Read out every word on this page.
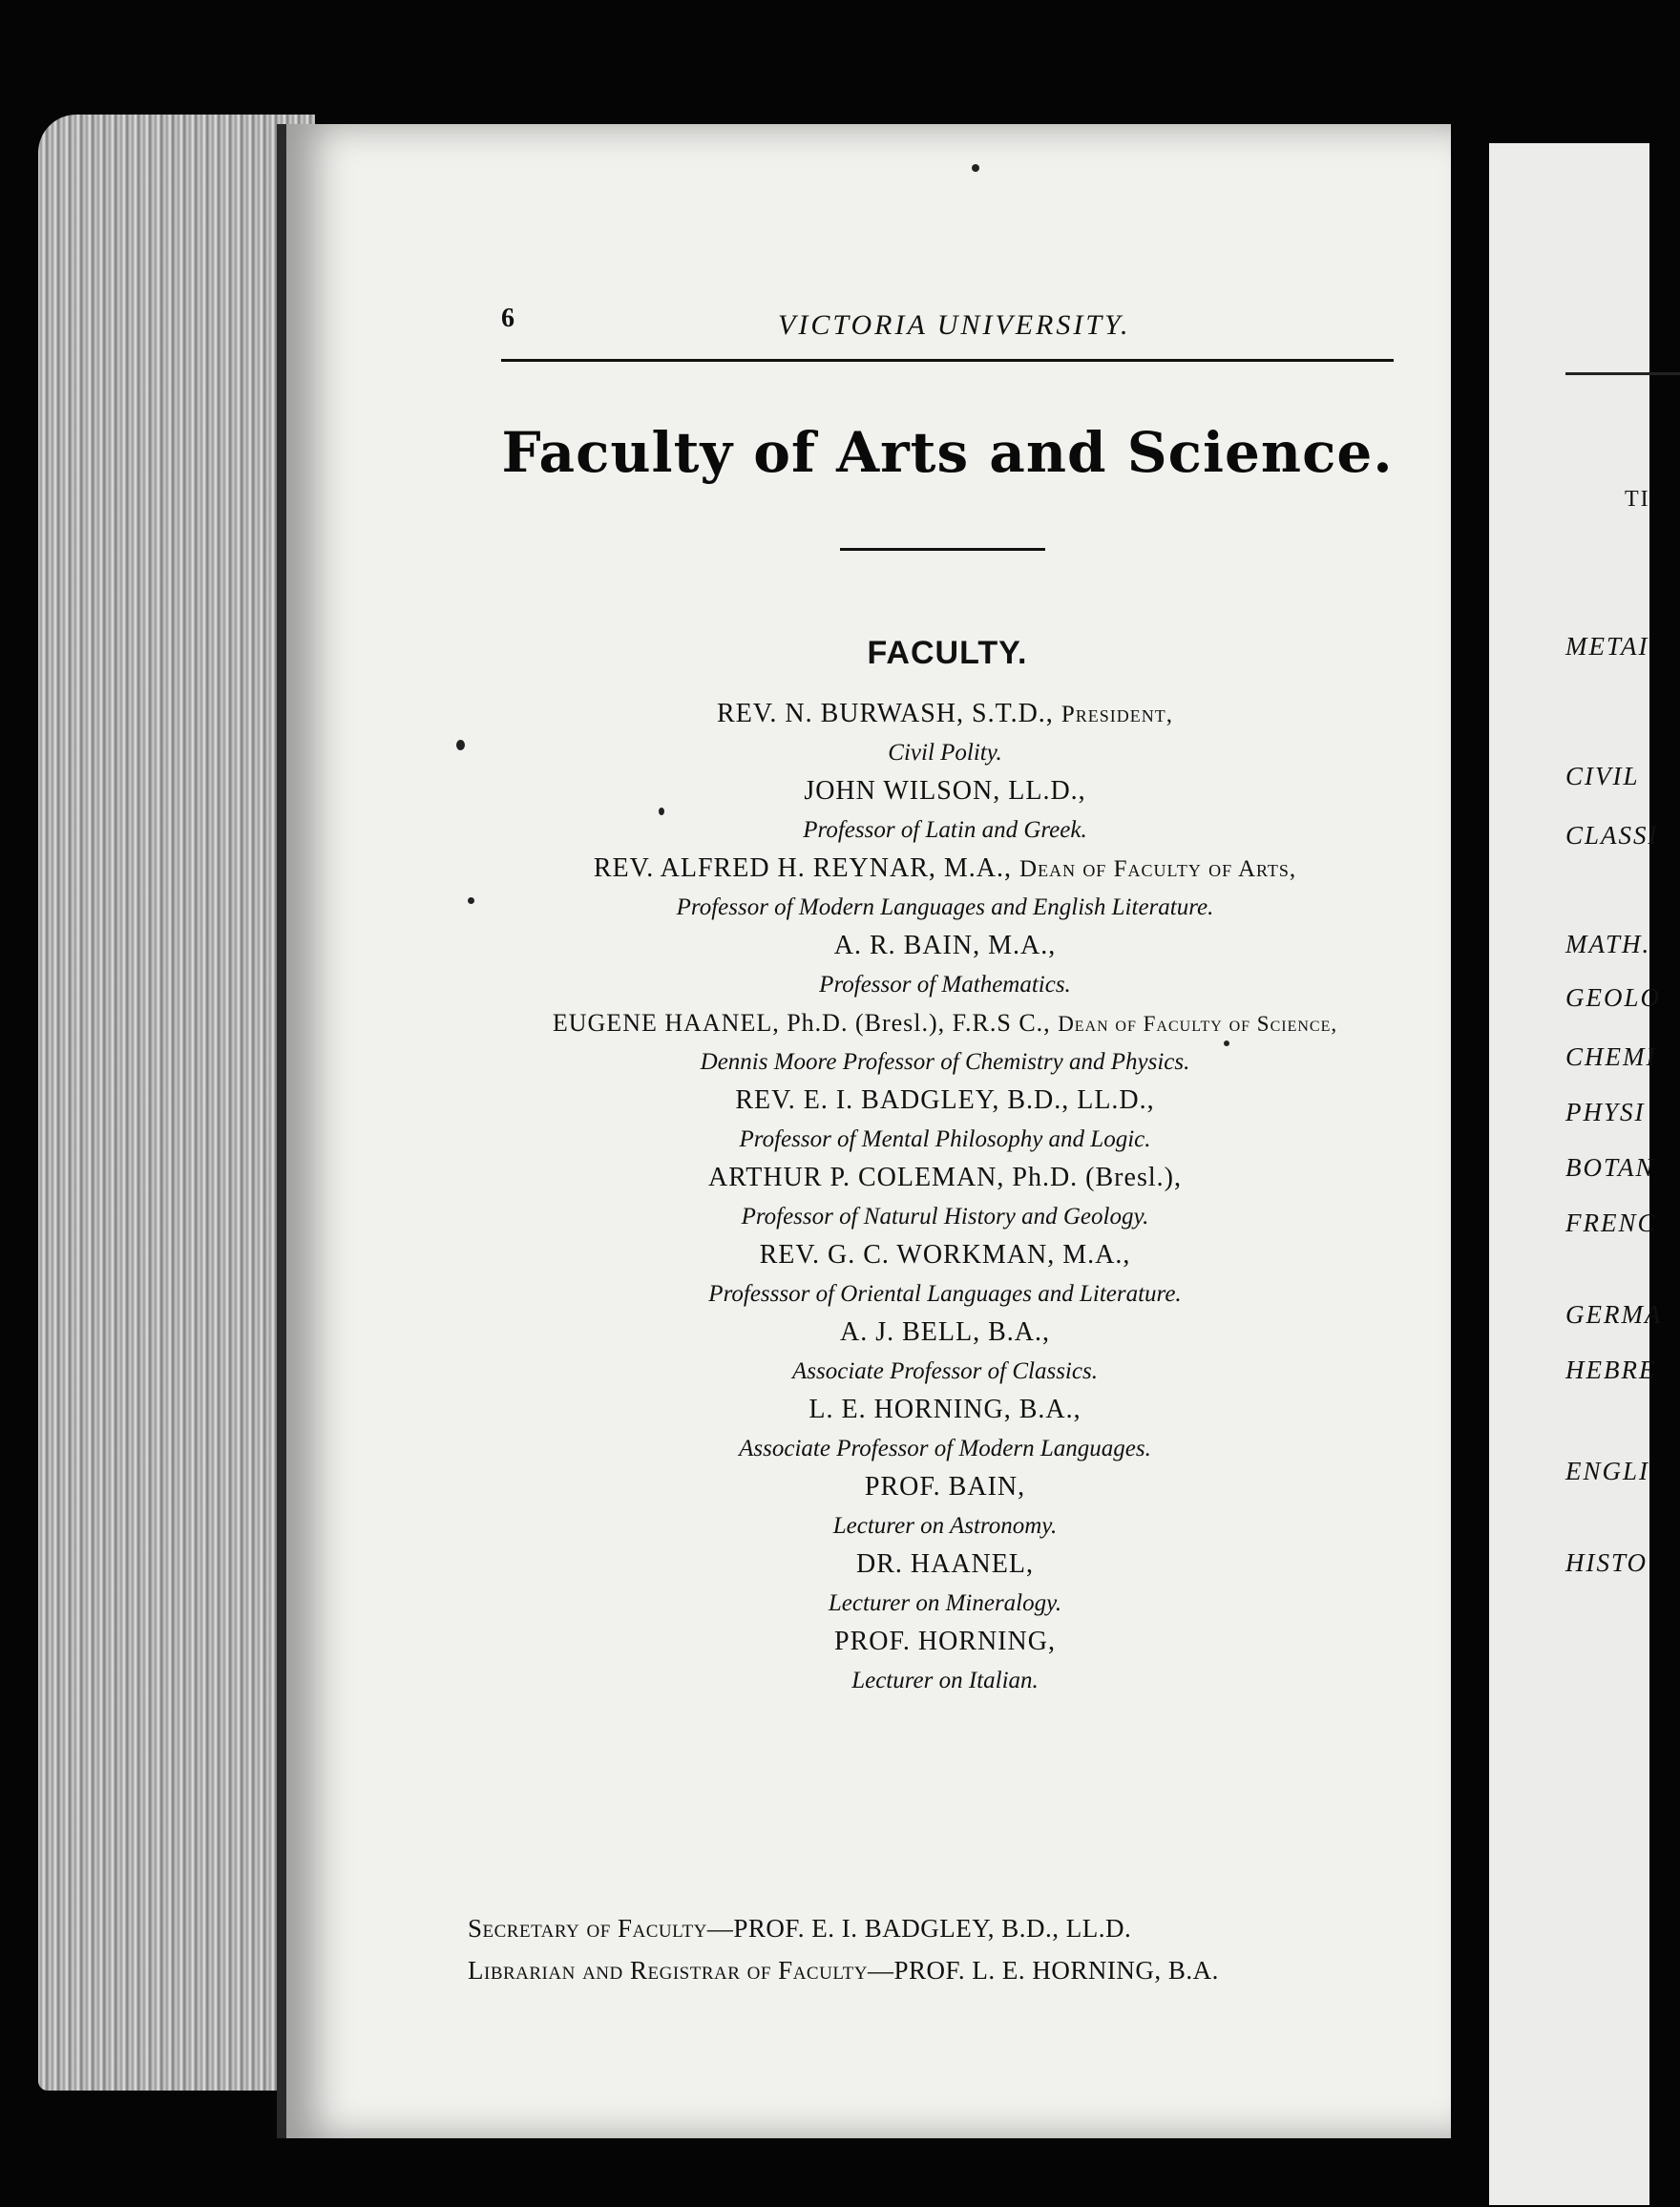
TI
METAI
CIVIL
CLASSI
MATH.
GEOLO
CHEMI
PHYSI
BOTAN
FRENC
GERMA
HEBRE
ENGLI
HISTO
6	VICTORIA UNIVERSITY.
Faculty of Arts and Science.
FACULTY.
REV. N. BURWASH, S.T.D., President,
Civil Polity.
JOHN WILSON, LL.D.,
Professor of Latin and Greek.
REV. ALFRED H. REYNAR, M.A., Dean of Faculty of Arts,
Professor of Modern Languages and English Literature.
A. R. BAIN, M.A.,
Professor of Mathematics.
EUGENE HAANEL, Ph.D. (Bresl.), F.R.S C., Dean of Faculty of Science,
Dennis Moore Professor of Chemistry and Physics.
REV. E. I. BADGLEY, B.D., LL.D.,
Professor of Mental Philosophy and Logic.
ARTHUR P. COLEMAN, Ph.D. (Bresl.),
Professor of Naturul History and Geology.
REV. G. C. WORKMAN, M.A.,
Professsor of Oriental Languages and Literature.
A. J. BELL, B.A.,
Associate Professor of Classics.
L. E. HORNING, B.A.,
Associate Professor of Modern Languages.
PROF. BAIN,
Lecturer on Astronomy.
DR. HAANEL,
Lecturer on Mineralogy.
PROF. HORNING,
Lecturer on Italian.
Secretary of Faculty—PROF. E. I. BADGLEY, B.D., LL.D.
Librarian and Registrar of Faculty—PROF. L. E. HORNING, B.A.
